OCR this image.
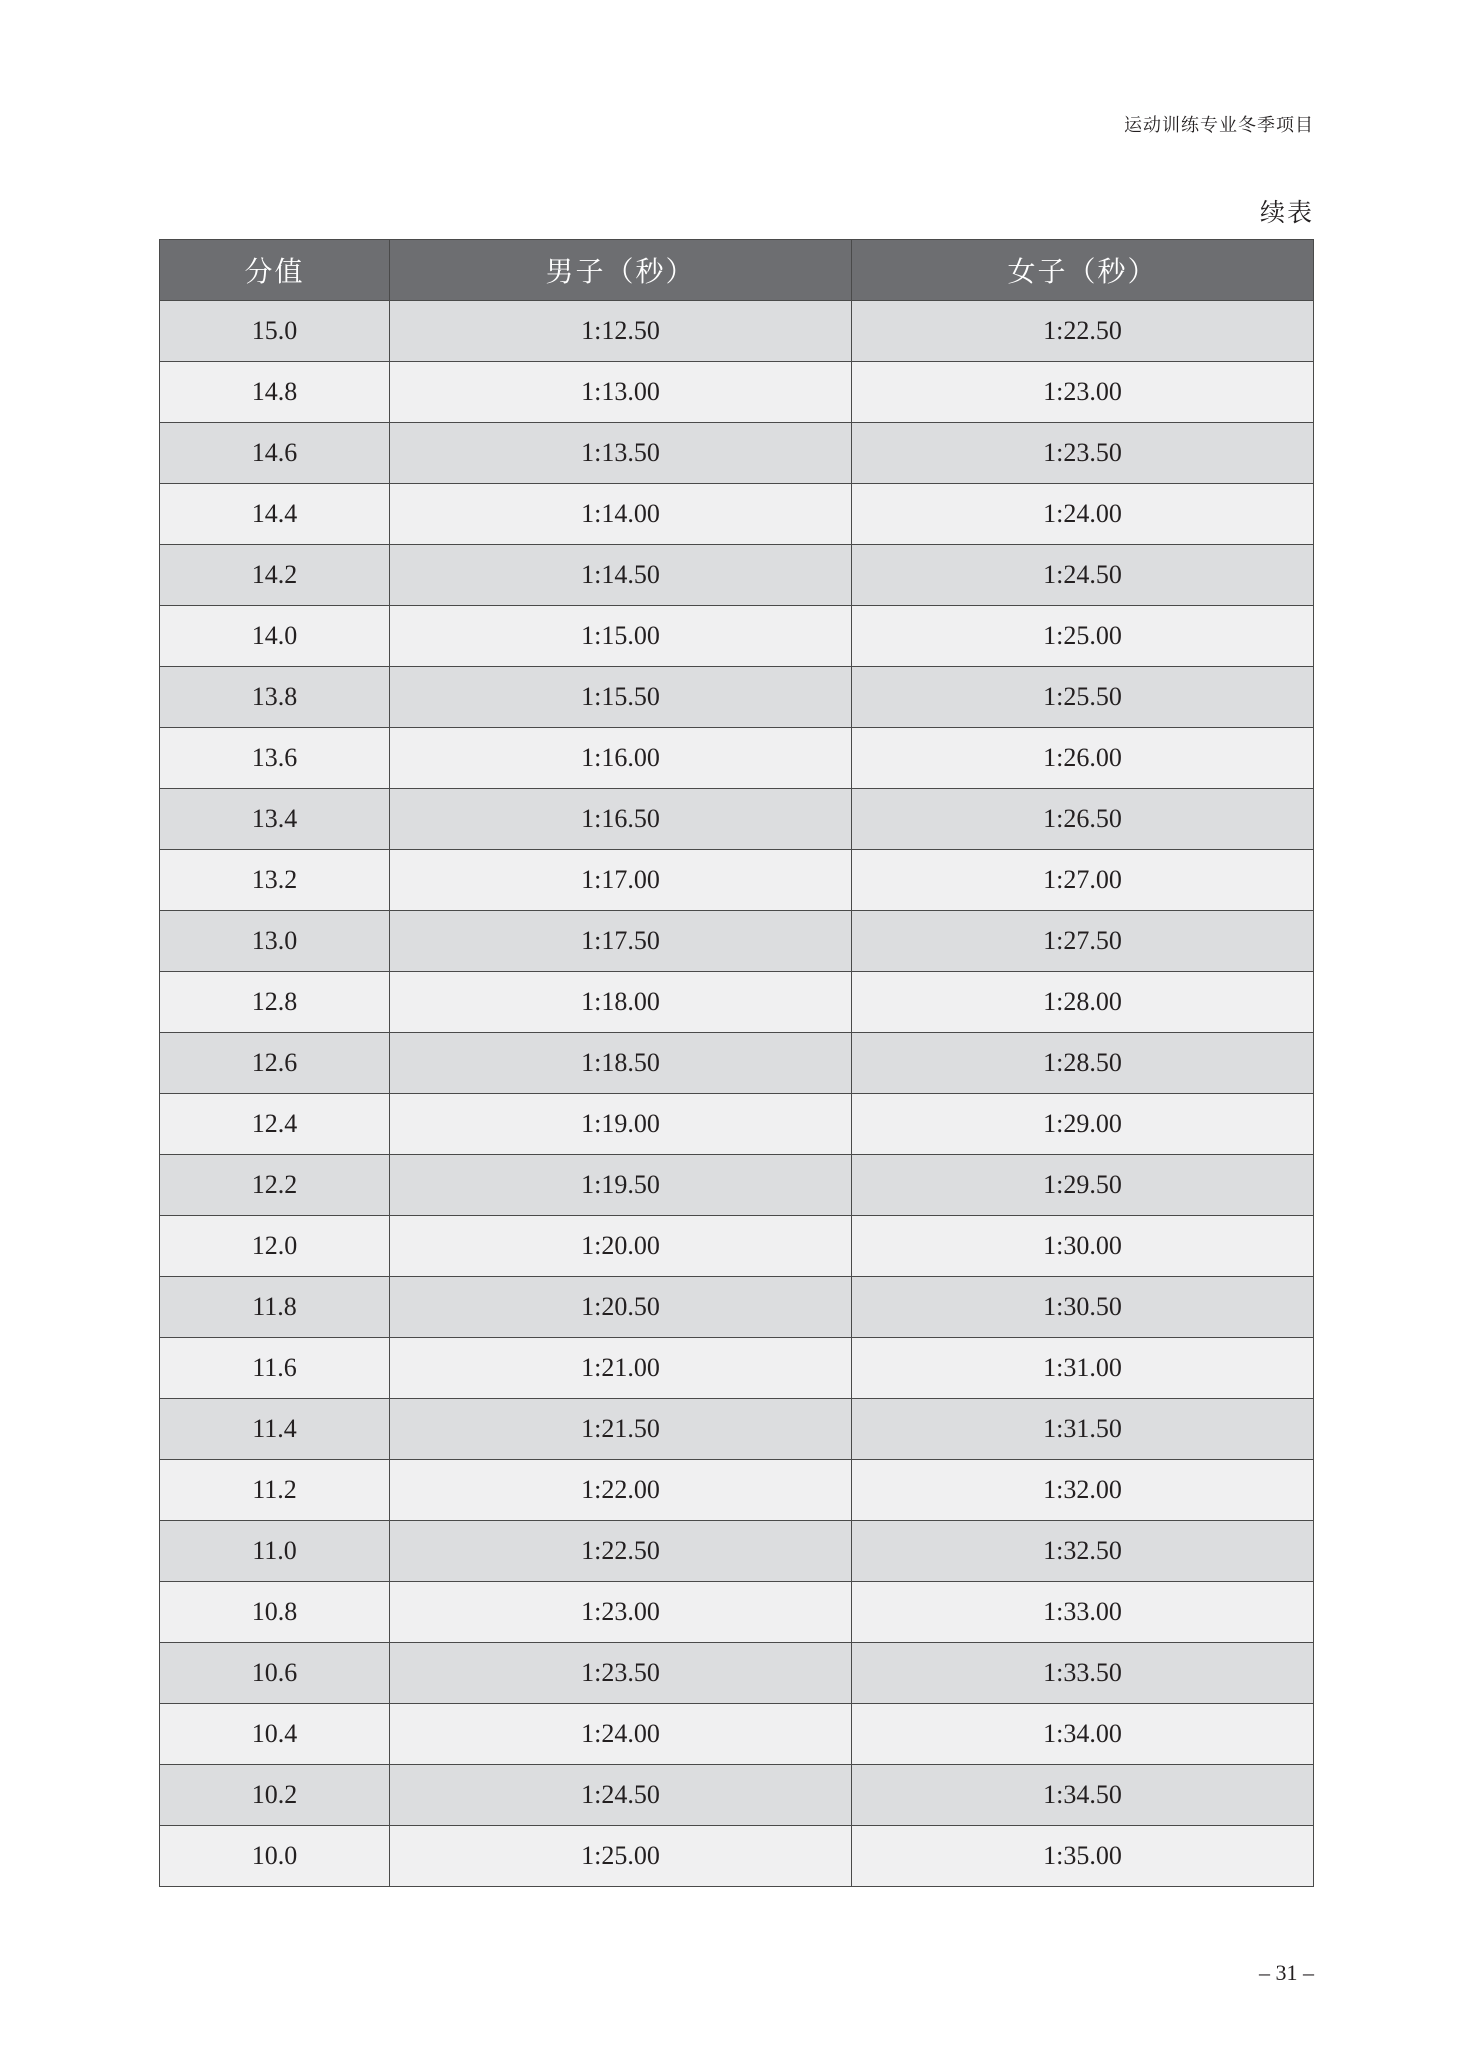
运动训练专业冬季项目
续表
分值	男子（秒）	女子（秒）
15.0	1:12.50	1:22.50
14.8	1:13.00	1:23.00
14.6	1:13.50	1:23.50
14.4	1:14.00	1:24.00
14.2	1:14.50	1:24.50
14.0	1:15.00	1:25.00
13.8	1:15.50	1:25.50
13.6	1:16.00	1:26.00
13.4	1:16.50	1:26.50
13.2	1:17.00	1:27.00
13.0	1:17.50	1:27.50
12.8	1:18.00	1:28.00
12.6	1:18.50	1:28.50
12.4	1:19.00	1:29.00
12.2	1:19.50	1:29.50
12.0	1:20.00	1:30.00
11.8	1:20.50	1:30.50
11.6	1:21.00	1:31.00
11.4	1:21.50	1:31.50
11.2	1:22.00	1:32.00
11.0	1:22.50	1:32.50
10.8	1:23.00	1:33.00
10.6	1:23.50	1:33.50
10.4	1:24.00	1:34.00
10.2	1:24.50	1:34.50
10.0	1:25.00	1:35.00
– 31 –
